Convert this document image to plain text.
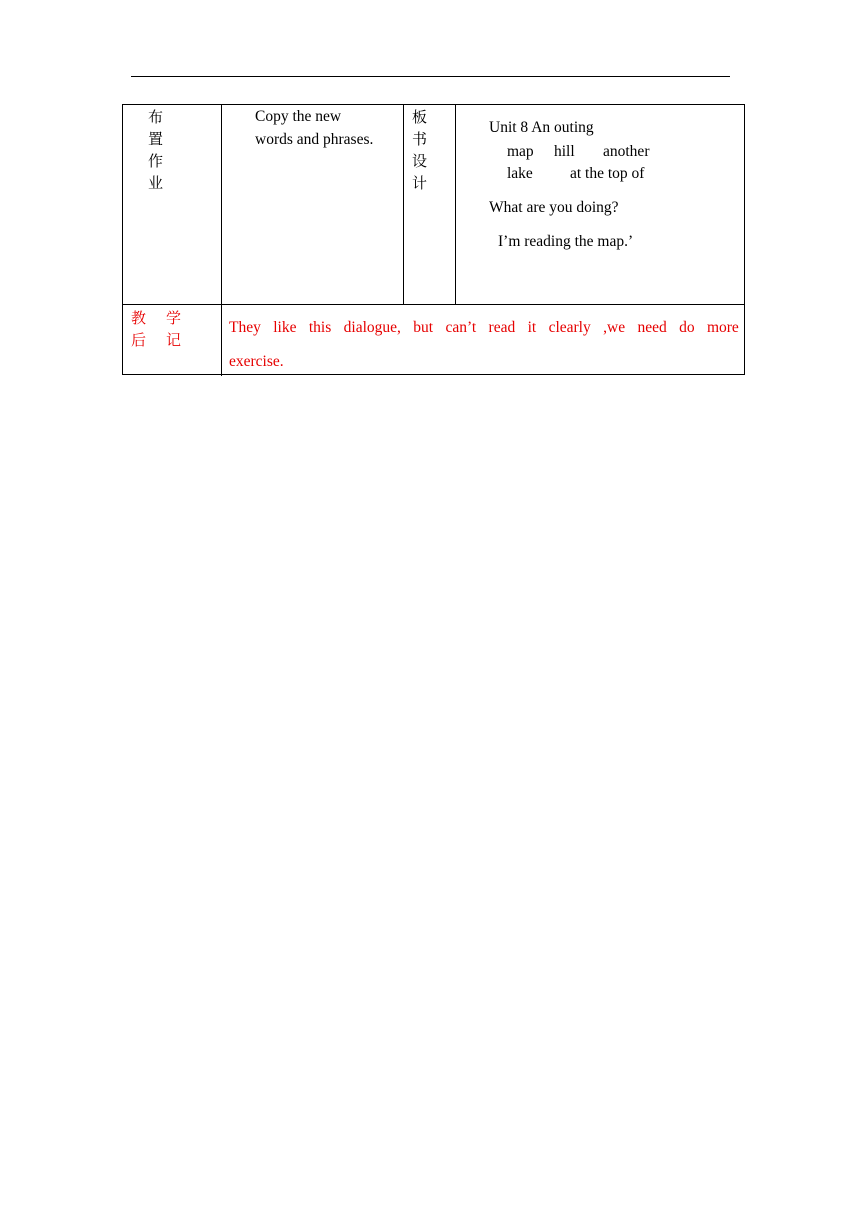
布
置
作
业
Copy the new
words and phrases.
板
书
设
计
Unit 8 An outing
map hill another
lake at the top of
What are you doing?
I’m reading the map.’
教 学
后 记
They like this dialogue, but can’t read it clearly ,we need do more
exercise.
